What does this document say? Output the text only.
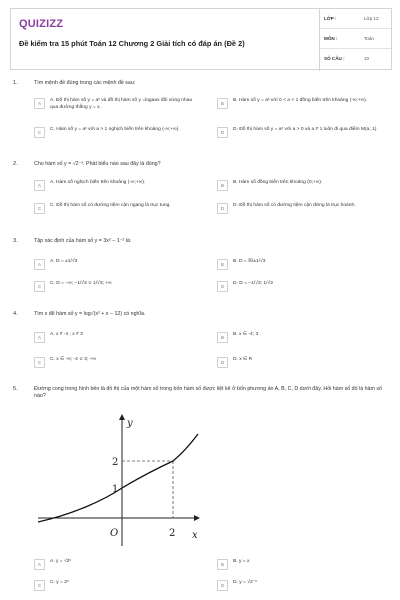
QUIZIZZ
Đề kiểm tra 15 phút Toán 12 Chương 2 Giải tích có đáp án (Đề 2)
LỚP :	Lớp 12
MÔN :	Toán
SỐ CÂU :	10
1.	Tìm mệnh đề đúng trong các mệnh đề sau:
A
A. Đồ thị hàm số y = aˣ và đồ thị hàm số y =logaax đối xứng nhau qua đường thẳng y = x.
B
B. Hàm số y = aˣ với 0 < a < 1 đồng biến trên khoảng (-∞;+∞).
C
C. Hàm số y = aˣ với a > 1 nghịch biến trên khoảng (-∞;+∞).
D
D. Đồ thị hàm số y = aˣ với a > 0 và a ≠ 1 luôn đi qua điểm M(a; 1).
2.	Cho hàm số y = √2⁻ˣ. Phát biểu nào sau đây là đúng?
A
A. Hàm số nghịch biến trên khoảng (-∞;+∞).
B
B. Hàm số đồng biến trên khoảng (0;+∞).
C
C. Đồ thị hàm số có đường tiệm cận ngang là trục tung.
D
D. Đồ thị hàm số có đường tiệm cận đứng là trục hoành.
3.	Tập xác định của hàm số y = 3x² − 1⁻² là:
A
A. D = ±1/√3
B
B. D = ℝ\±1/√3
C
C. D = −∞; −1/√3 ∪ 1/√3; +∞
D
D. D = −1/√3; 1/√3
4.	Tìm x để hàm số y = log√(x² + x − 12) có nghĩa.
A
A. x ≠ -4 ; x ≠ 3
B
B. x ∈ -4; 3
C
C. x ∈ -∞; -4 ∪ 3; +∞
D
D. x ∈ R
5.	Đường cong trong hình bên là đồ thị của một hàm số trong bốn hàm số được liệt kê ở bốn phương án A, B, C, D dưới đây. Hỏi hàm số đó là hàm số nào?
y
x
O	2
1
2
A
A. y = √2ˣ
B
B. y = x
C
C. y = 2ˣ
D
D. y = √2⁻ˣ
